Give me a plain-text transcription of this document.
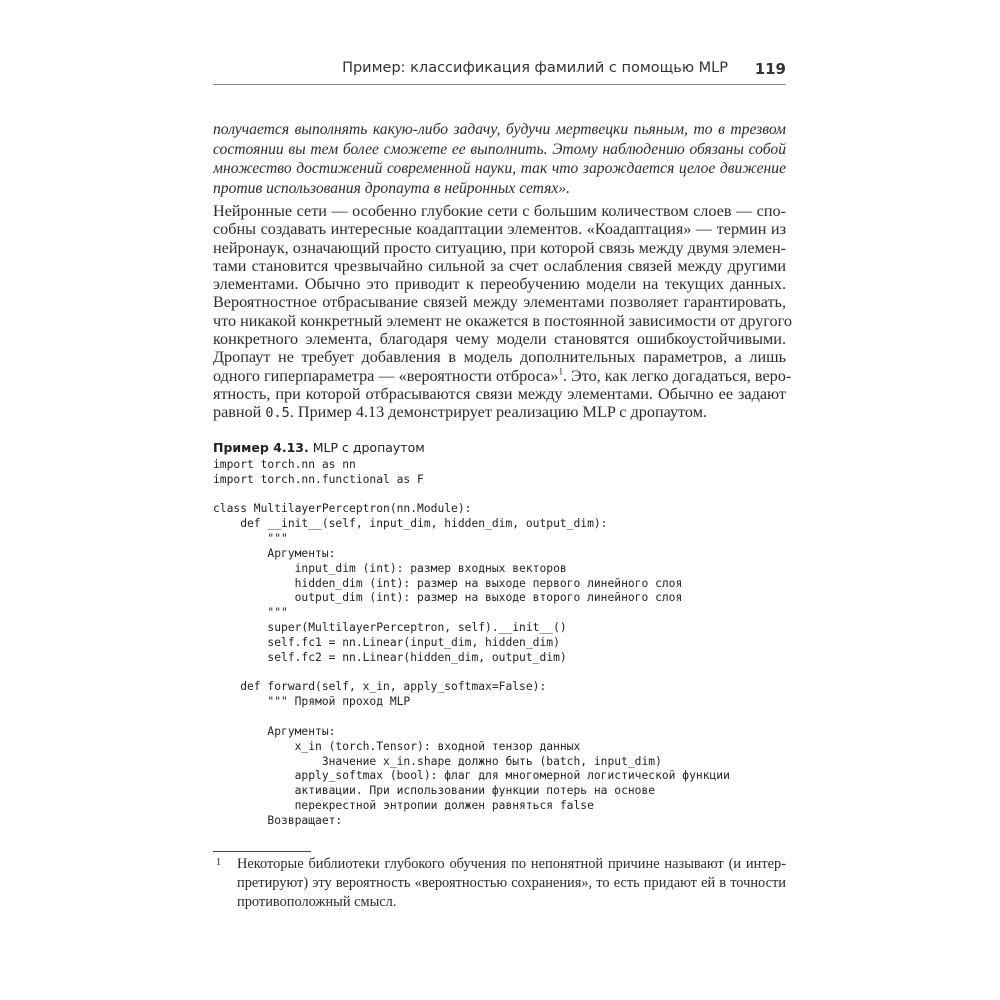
Пример: классификация фамилий с помощью MLP 119
получается выполнять какую-либо задачу, будучи мертвецки пьяным, то в трезвом
состоянии вы тем более сможете ее выполнить. Этому наблюдению обязаны собой
множество достижений современной науки, так что зарождается целое движение
против использования дропаута в нейронных сетях».
Нейронные сети — особенно глубокие сети с большим количеством слоев — спо-
собны создавать интересные коадаптации элементов. «Коадаптация» — термин из
нейронаук, означающий просто ситуацию, при которой связь между двумя элемен-
тами становится чрезвычайно сильной за счет ослабления связей между другими
элементами. Обычно это приводит к переобучению модели на текущих данных.
Вероятностное отбрасывание связей между элементами позволяет гарантировать,
что никакой конкретный элемент не окажется в постоянной зависимости от другого
конкретного элемента, благодаря чему модели становятся ошибкоустойчивыми.
Дропаут не требует добавления в модель дополнительных параметров, а лишь
одного гиперпараметра — «вероятности отброса»$^1$. Это, как легко догадаться, веро-
ятность, при которой отбрасываются связи между элементами. Обычно ее задают
равной 0.5. Пример 4.13 демонстрирует реализацию MLP с дропаутом.
Пример 4.13. MLP с дропаутом
import torch.nn as nn
import torch.nn.functional as F

class MultilayerPerceptron(nn.Module):
def __init__(self, input_dim, hidden_dim, output_dim):
"""
Аргументы:
input_dim (int): размер входных векторов
hidden_dim (int): размер на выходе первого линейного слоя
output_dim (int): размер на выходе второго линейного слоя
"""
super(MultilayerPerceptron, self).__init__()
self.fc1 = nn.Linear(input_dim, hidden_dim)
self.fc2 = nn.Linear(hidden_dim, output_dim)

def forward(self, x_in, apply_softmax=False):
""" Прямой проход MLP

Аргументы:
x_in (torch.Tensor): входной тензор данных
Значение x_in.shape должно быть (batch, input_dim)
apply_softmax (bool): флаг для многомерной логистической функции
активации. При использовании функции потерь на основе
перекрестной энтропии должен равняться false
Возвращает:
1 Некоторые библиотеки глубокого обучения по непонятной причине называют (и интер-
претируют) эту вероятность «вероятностью сохранения», то есть придают ей в точности
противоположный смысл.
